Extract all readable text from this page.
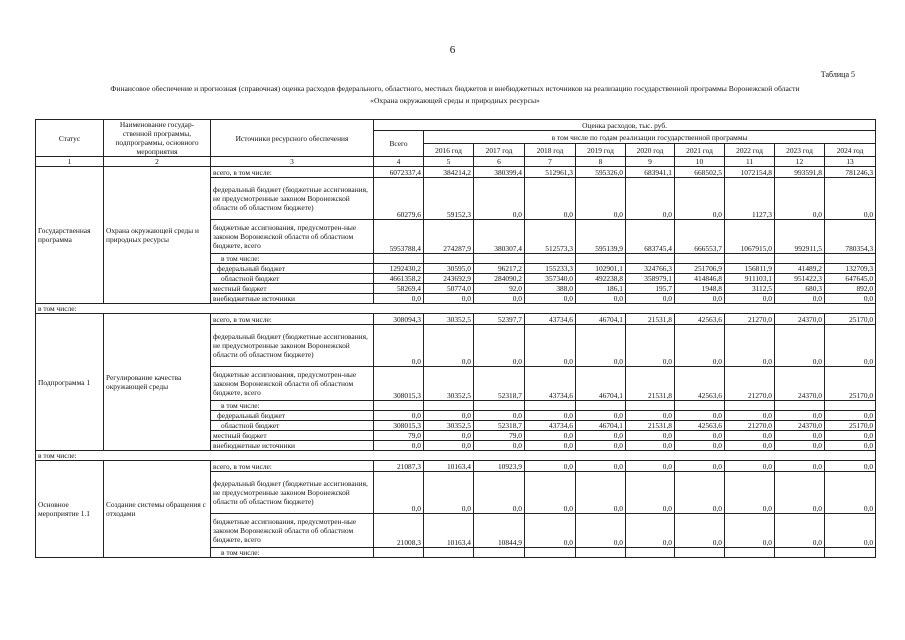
6
Таблица 5
Финансовое обеспечение и прогнозная (справочная) оценка расходов федерального, областного, местных бюджетов и внебюджетных источников на реализацию государственной программы Воронежской области
«Охрана окружающей среды и природных ресурсы»
Статус	Наименование государ-ственной программы, подпрограммы, основного мероприятия	Источники ресурсного обеспечения	Оценка расходов, тыс. руб.									
			Всего	в том числе по годам реализации государственной программы								
				2016 год	2017 год	2018 год	2019 год	2020 год	2021 год	2022 год	2023 год	2024 год
1	2	3	4	5	6	7	8	9	10	11	12	13
Государственная программа	Охрана окружающей среды и природных ресурсы	всего, в том числе:	6072337,4	384214,2	380399,4	512961,3	595326,0	683941,1	668502,5	1072154,8	993591,8	781246,3
		федеральный бюджет (бюджетные ассигнования, не предусмотренные законом Воронежской области об областном бюджете)	60279,6	59152,3	0,0	0,0	0,0	0,0	0,0	1127,3	0,0	0,0
		бюджетные ассигнования, предусмотрен-ные законом Воронежской области об областном бюджете, всего	5953788,4	274287,9	380307,4	512573,3	595139,9	683745,4	666553,7	1067915,0	992911,5	780354,3
		в том числе:										
		федеральный бюджет	1292430,2	30595,0	96217,2	155233,3	102901,1	324766,3	251706,9	156811,9	41489,2	132709,3
		областной бюджет	4661358,2	243692,9	284090,2	357340,0	492238,8	358979,1	414846,8	911103,1	951422,3	647645,0
		местный бюджет	58269,4	50774,0	92,0	388,0	186,1	195,7	1948,8	3112,5	680,3	892,0
		внебюджетные источники	0,0	0,0	0,0	0,0	0,0	0,0	0,0	0,0	0,0	0,0
в том числе:												
Подпрограмма 1	Регулирование качества окружающей среды	всего, в том числе:	308094,3	30352,5	52397,7	43734,6	46704,1	21531,8	42563,6	21270,0	24370,0	25170,0
		федеральный бюджет (бюджетные ассигнования, не предусмотренные законом Воронежской области об областном бюджете)	0,0	0,0	0,0	0,0	0,0	0,0	0,0	0,0	0,0	0,0
		бюджетные ассигнования, предусмотрен-ные законом Воронежской области об областном бюджете, всего	308015,3	30352,5	52318,7	43734,6	46704,1	21531,8	42563,6	21270,0	24370,0	25170,0
		в том числе:										
		федеральный бюджет	0,0	0,0	0,0	0,0	0,0	0,0	0,0	0,0	0,0	0,0
		областной бюджет	308015,3	30352,5	52318,7	43734,6	46704,1	21531,8	42563,6	21270,0	24370,0	25170,0
		местный бюджет	79,0	0,0	79,0	0,0	0,0	0,0	0,0	0,0	0,0	0,0
		внебюджетные источники	0,0	0,0	0,0	0,0	0,0	0,0	0,0	0,0	0,0	0,0
в том числе:												
Основное мероприятие 1.1	Создание системы обращения с отходами	всего, в том числе:	21087,3	10163,4	10923,9	0,0	0,0	0,0	0,0	0,0	0,0	0,0
		федеральный бюджет (бюджетные ассигнования, не предусмотренные законом Воронежской области об областном бюджете)	0,0	0,0	0,0	0,0	0,0	0,0	0,0	0,0	0,0	0,0
		бюджетные ассигнования, предусмотрен-ные законом Воронежской области об областном бюджете, всего	21008,3	10163,4	10844,9	0,0	0,0	0,0	0,0	0,0	0,0	0,0
		в том числе:										
